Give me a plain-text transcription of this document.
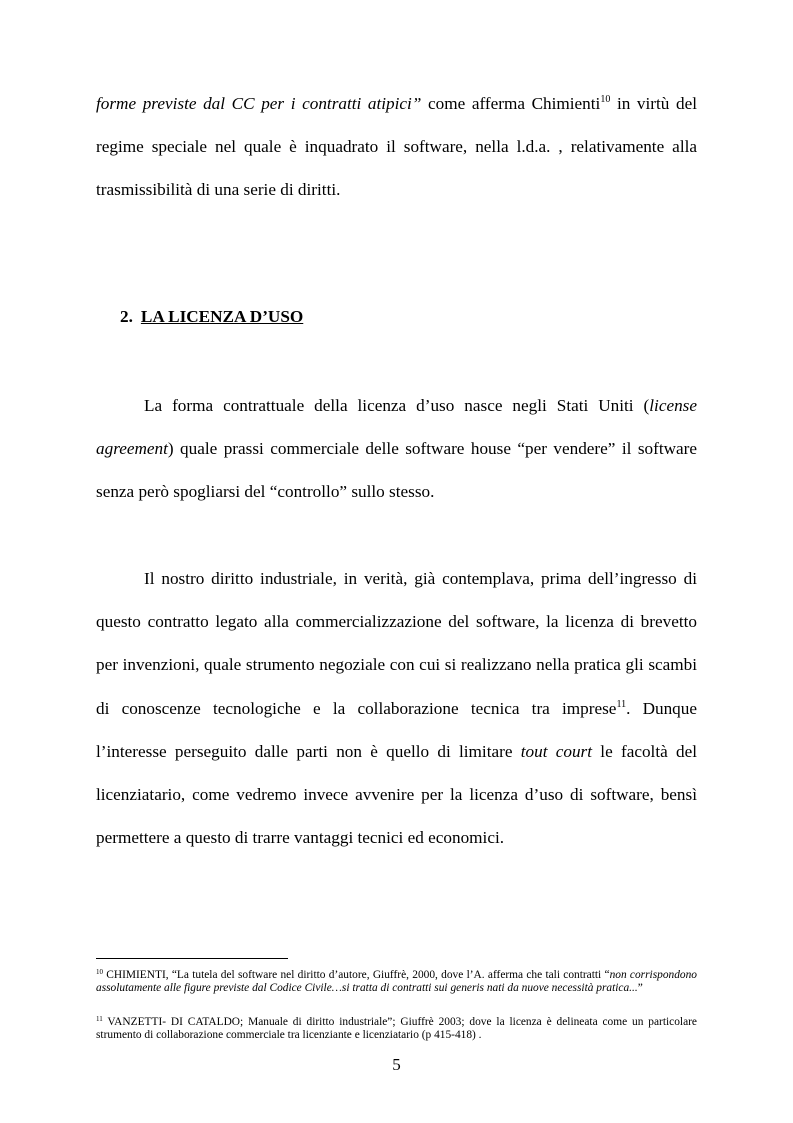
forme previste dal CC per i contratti atipici” come afferma Chimienti$^{10}$ in virtù del regime speciale nel quale è inquadrato il software, nella l.d.a. , relativamente alla trasmissibilità di una serie di diritti.

2. LA LICENZA D’USO

La forma contrattuale della licenza d’uso nasce negli Stati Uniti (license agreement) quale prassi commerciale delle software house “per vendere” il software senza però spogliarsi del “controllo” sullo stesso.

Il nostro diritto industriale, in verità, già contemplava, prima dell’ingresso di questo contratto legato alla commercializzazione del software, la licenza di brevetto per invenzioni, quale strumento negoziale con cui si realizzano nella pratica gli scambi di conoscenze tecnologiche e la collaborazione tecnica tra imprese$^{11}$. Dunque l’interesse perseguito dalle parti non è quello di limitare tout court le facoltà del licenziatario, come vedremo invece avvenire per la licenza d’uso di software, bensì permettere a questo di trarre vantaggi tecnici ed economici.

$^{10}$ CHIMIENTI, “La tutela del software nel diritto d’autore, Giuffrè, 2000, dove l’A. afferma che tali contratti “non corrispondono assolutamente alle figure previste dal Codice Civile…si tratta di contratti sui generis nati da nuove necessità pratica...”

$^{11}$ VANZETTI- DI CATALDO; Manuale di diritto industriale”; Giuffrè 2003; dove la licenza è delineata come un particolare strumento di collaborazione commerciale tra licenziante e licenziatario (p 415-418) .

5
